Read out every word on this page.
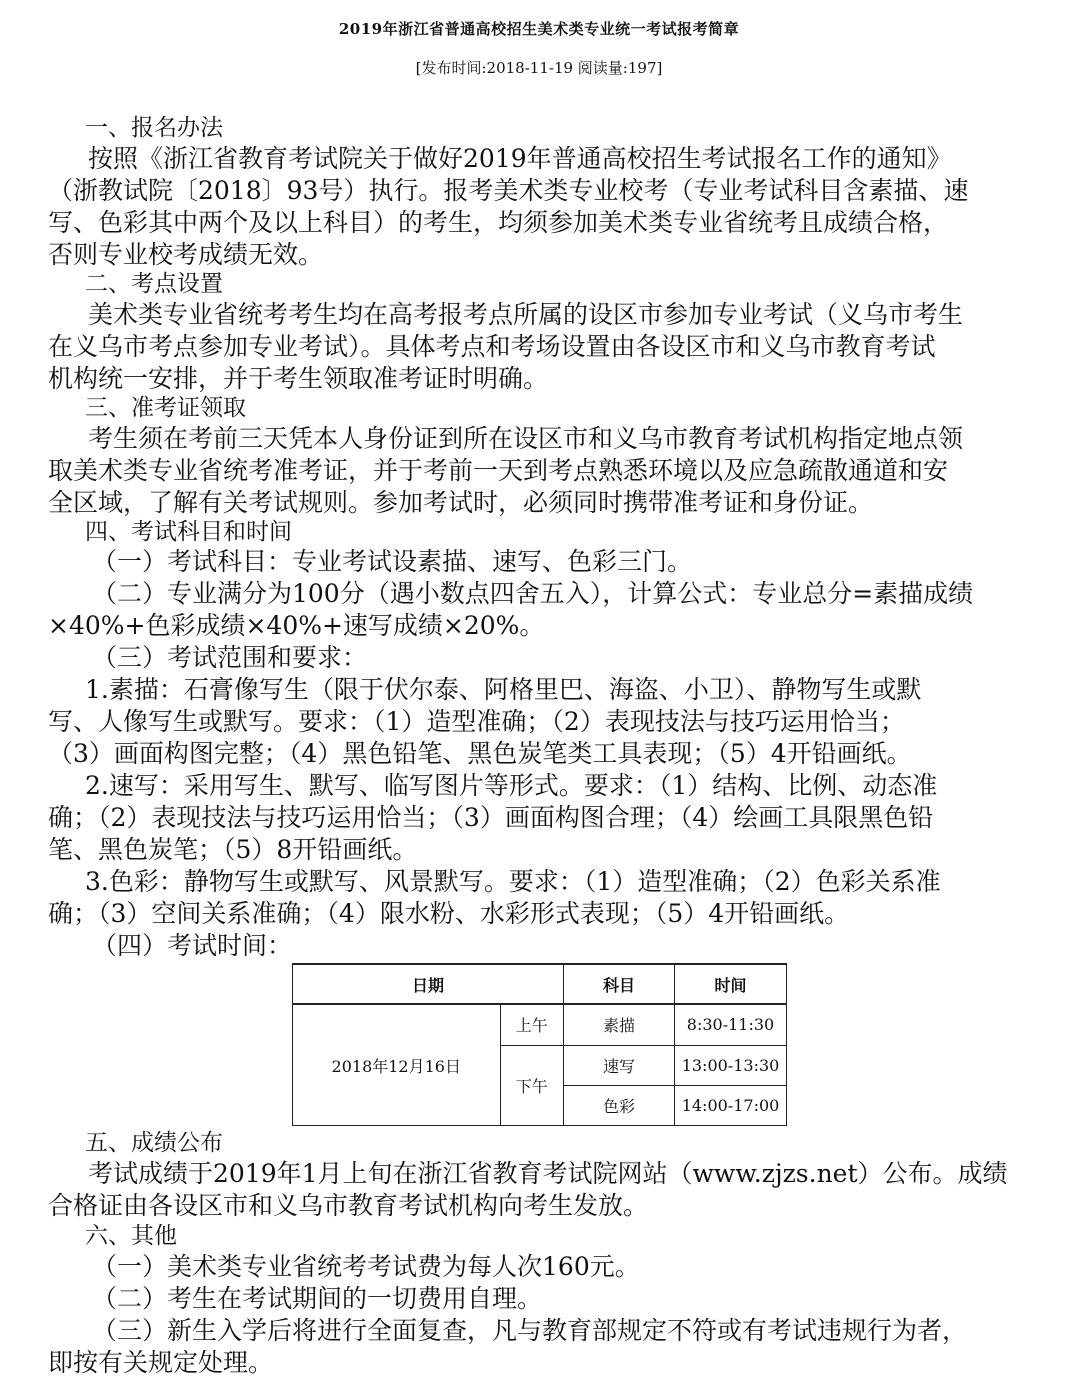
2019年浙江省普通高校招生美术类专业统一考试报考简章
[发布时间:2018-11-19 阅读量:197]
一、报名办法
按照《浙江省教育考试院关于做好2019年普通高校招生考试报名工作的通知》
（浙教试院〔2018〕93号）执行。报考美术类专业校考（专业考试科目含素描、速
写、色彩其中两个及以上科目）的考生，均须参加美术类专业省统考且成绩合格，
否则专业校考成绩无效。
二、考点设置
美术类专业省统考考生均在高考报考点所属的设区市参加专业考试（义乌市考生
在义乌市考点参加专业考试）。具体考点和考场设置由各设区市和义乌市教育考试
机构统一安排，并于考生领取准考证时明确。
三、准考证领取
考生须在考前三天凭本人身份证到所在设区市和义乌市教育考试机构指定地点领
取美术类专业省统考准考证，并于考前一天到考点熟悉环境以及应急疏散通道和安
全区域，了解有关考试规则。参加考试时，必须同时携带准考证和身份证。
四、考试科目和时间
（一）考试科目：专业考试设素描、速写、色彩三门。
（二）专业满分为100分（遇小数点四舍五入），计算公式：专业总分=素描成绩
×40%+色彩成绩×40%+速写成绩×20%。
（三）考试范围和要求：
1.素描：石膏像写生（限于伏尔泰、阿格里巴、海盗、小卫）、静物写生或默
写、人像写生或默写。要求：（1）造型准确；（2）表现技法与技巧运用恰当；
（3）画面构图完整；（4）黑色铅笔、黑色炭笔类工具表现；（5）4开铅画纸。
2.速写：采用写生、默写、临写图片等形式。要求：（1）结构、比例、动态准
确；（2）表现技法与技巧运用恰当；（3）画面构图合理；（4）绘画工具限黑色铅
笔、黑色炭笔；（5）8开铅画纸。
3.色彩：静物写生或默写、风景默写。要求：（1）造型准确；（2）色彩关系准
确；（3）空间关系准确；（4）限水粉、水彩形式表现；（5）4开铅画纸。
（四）考试时间：
日期		科目	时间
2018年12月16日	上午	素描	8:30-11:30
	下午	速写	13:00-13:30
		色彩	14:00-17:00
五、成绩公布
考试成绩于2019年1月上旬在浙江省教育考试院网站（www.zjzs.net）公布。成绩
合格证由各设区市和义乌市教育考试机构向考生发放。
六、其他
（一）美术类专业省统考考试费为每人次160元。
（二）考生在考试期间的一切费用自理。
（三）新生入学后将进行全面复查，凡与教育部规定不符或有考试违规行为者，
即按有关规定处理。
